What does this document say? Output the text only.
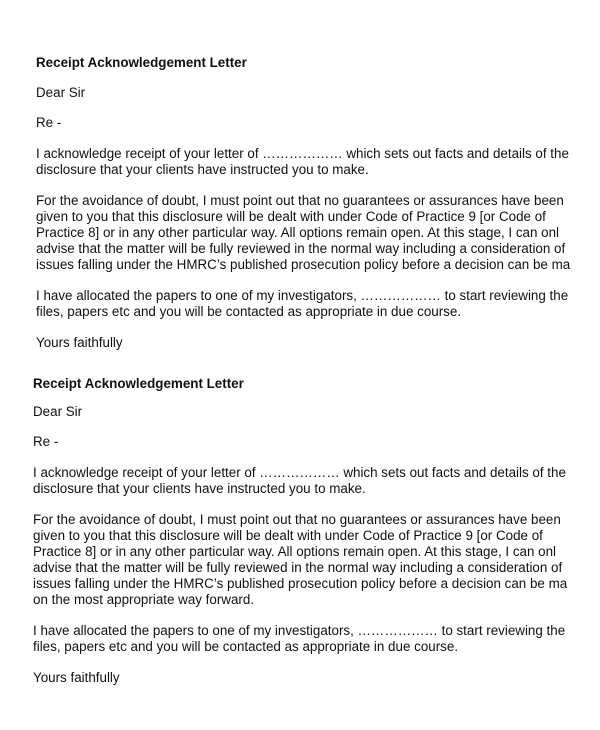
Receipt Acknowledgement Letter

Dear Sir

Re -

I acknowledge receipt of your letter of ……………… which sets out facts and details of the
disclosure that your clients have instructed you to make.

For the avoidance of doubt, I must point out that no guarantees or assurances have been
given to you that this disclosure will be dealt with under Code of Practice 9 [or Code of
Practice 8] or in any other particular way. All options remain open. At this stage, I can onl
advise that the matter will be fully reviewed in the normal way including a consideration of
issues falling under the HMRC’s published prosecution policy before a decision can be ma

I have allocated the papers to one of my investigators, ……………… to start reviewing the
files, papers etc and you will be contacted as appropriate in due course.

Yours faithfully

Receipt Acknowledgement Letter

Dear Sir

Re -

I acknowledge receipt of your letter of ……………… which sets out facts and details of the
disclosure that your clients have instructed you to make.

For the avoidance of doubt, I must point out that no guarantees or assurances have been
given to you that this disclosure will be dealt with under Code of Practice 9 [or Code of
Practice 8] or in any other particular way. All options remain open. At this stage, I can onl
advise that the matter will be fully reviewed in the normal way including a consideration of
issues falling under the HMRC’s published prosecution policy before a decision can be ma
on the most appropriate way forward.

I have allocated the papers to one of my investigators, ……………… to start reviewing the
files, papers etc and you will be contacted as appropriate in due course.

Yours faithfully
